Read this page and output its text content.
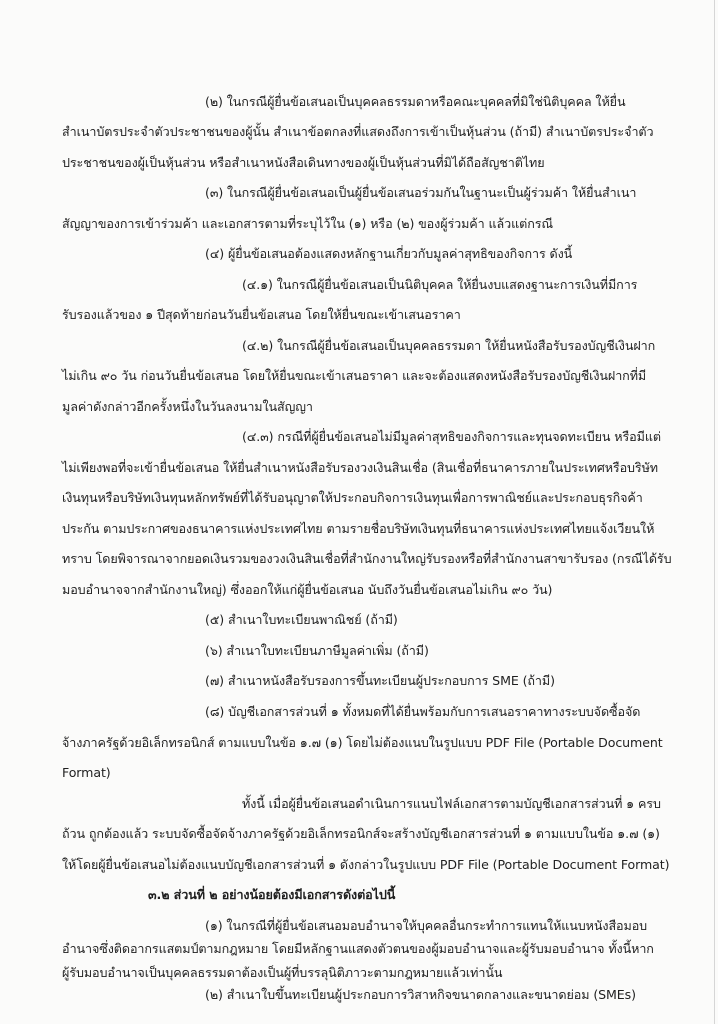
(๒) ในกรณีผู้ยื่นข้อเสนอเป็นบุคคลธรรมดาหรือคณะบุคคลที่มิใช่นิติบุคคล ให้ยื่น
สำเนาบัตรประจำตัวประชาชนของผู้นั้น สำเนาข้อตกลงที่แสดงถึงการเข้าเป็นหุ้นส่วน (ถ้ามี) สำเนาบัตรประจำตัว
ประชาชนของผู้เป็นหุ้นส่วน หรือสำเนาหนังสือเดินทางของผู้เป็นหุ้นส่วนที่มิได้ถือสัญชาติไทย
(๓) ในกรณีผู้ยื่นข้อเสนอเป็นผู้ยื่นข้อเสนอร่วมกันในฐานะเป็นผู้ร่วมค้า ให้ยื่นสำเนา
สัญญาของการเข้าร่วมค้า และเอกสารตามที่ระบุไว้ใน (๑) หรือ (๒) ของผู้ร่วมค้า แล้วแต่กรณี
(๔) ผู้ยื่นข้อเสนอต้องแสดงหลักฐานเกี่ยวกับมูลค่าสุทธิของกิจการ ดังนี้
(๔.๑) ในกรณีผู้ยื่นข้อเสนอเป็นนิติบุคคล ให้ยื่นงบแสดงฐานะการเงินที่มีการ
รับรองแล้วของ ๑ ปีสุดท้ายก่อนวันยื่นข้อเสนอ โดยให้ยื่นขณะเข้าเสนอราคา
(๔.๒) ในกรณีผู้ยื่นข้อเสนอเป็นบุคคลธรรมดา ให้ยื่นหนังสือรับรองบัญชีเงินฝาก
ไม่เกิน ๙๐ วัน ก่อนวันยื่นข้อเสนอ โดยให้ยื่นขณะเข้าเสนอราคา และจะต้องแสดงหนังสือรับรองบัญชีเงินฝากที่มี
มูลค่าดังกล่าวอีกครั้งหนึ่งในวันลงนามในสัญญา
(๔.๓) กรณีที่ผู้ยื่นข้อเสนอไม่มีมูลค่าสุทธิของกิจการและทุนจดทะเบียน หรือมีแต่
ไม่เพียงพอที่จะเข้ายื่นข้อเสนอ ให้ยื่นสำเนาหนังสือรับรองวงเงินสินเชื่อ (สินเชื่อที่ธนาคารภายในประเทศหรือบริษัท
เงินทุนหรือบริษัทเงินทุนหลักทรัพย์ที่ได้รับอนุญาตให้ประกอบกิจการเงินทุนเพื่อการพาณิชย์และประกอบธุรกิจค้า
ประกัน ตามประกาศของธนาคารแห่งประเทศไทย ตามรายชื่อบริษัทเงินทุนที่ธนาคารแห่งประเทศไทยแจ้งเวียนให้
ทราบ โดยพิจารณาจากยอดเงินรวมของวงเงินสินเชื่อที่สำนักงานใหญ่รับรองหรือที่สำนักงานสาขารับรอง (กรณีได้รับ
มอบอำนาจจากสำนักงานใหญ่) ซึ่งออกให้แก่ผู้ยื่นข้อเสนอ นับถึงวันยื่นข้อเสนอไม่เกิน ๙๐ วัน)
(๕) สำเนาใบทะเบียนพาณิชย์ (ถ้ามี)
(๖) สำเนาใบทะเบียนภาษีมูลค่าเพิ่ม (ถ้ามี)
(๗) สำเนาหนังสือรับรองการขึ้นทะเบียนผู้ประกอบการ SME (ถ้ามี)
(๘) บัญชีเอกสารส่วนที่ ๑ ทั้งหมดที่ได้ยื่นพร้อมกับการเสนอราคาทางระบบจัดซื้อจัด
จ้างภาครัฐด้วยอิเล็กทรอนิกส์ ตามแบบในข้อ ๑.๗ (๑) โดยไม่ต้องแนบในรูปแบบ PDF File (Portable Document
Format)
ทั้งนี้ เมื่อผู้ยื่นข้อเสนอดำเนินการแนบไฟล์เอกสารตามบัญชีเอกสารส่วนที่ ๑ ครบ
ถ้วน ถูกต้องแล้ว ระบบจัดซื้อจัดจ้างภาครัฐด้วยอิเล็กทรอนิกส์จะสร้างบัญชีเอกสารส่วนที่ ๑ ตามแบบในข้อ ๑.๗ (๑)
ให้โดยผู้ยื่นข้อเสนอไม่ต้องแนบบัญชีเอกสารส่วนที่ ๑ ดังกล่าวในรูปแบบ PDF File (Portable Document Format)
๓.๒ ส่วนที่ ๒ อย่างน้อยต้องมีเอกสารดังต่อไปนี้
(๑) ในกรณีที่ผู้ยื่นข้อเสนอมอบอำนาจให้บุคคลอื่นกระทำการแทนให้แนบหนังสือมอบ
อำนาจซึ่งติดอากรแสตมป์ตามกฎหมาย โดยมีหลักฐานแสดงตัวตนของผู้มอบอำนาจและผู้รับมอบอำนาจ ทั้งนี้หาก
ผู้รับมอบอำนาจเป็นบุคคลธรรมดาต้องเป็นผู้ที่บรรลุนิติภาวะตามกฎหมายแล้วเท่านั้น
(๒) สำเนาใบขึ้นทะเบียนผู้ประกอบการวิสาหกิจขนาดกลางและขนาดย่อม (SMEs)
